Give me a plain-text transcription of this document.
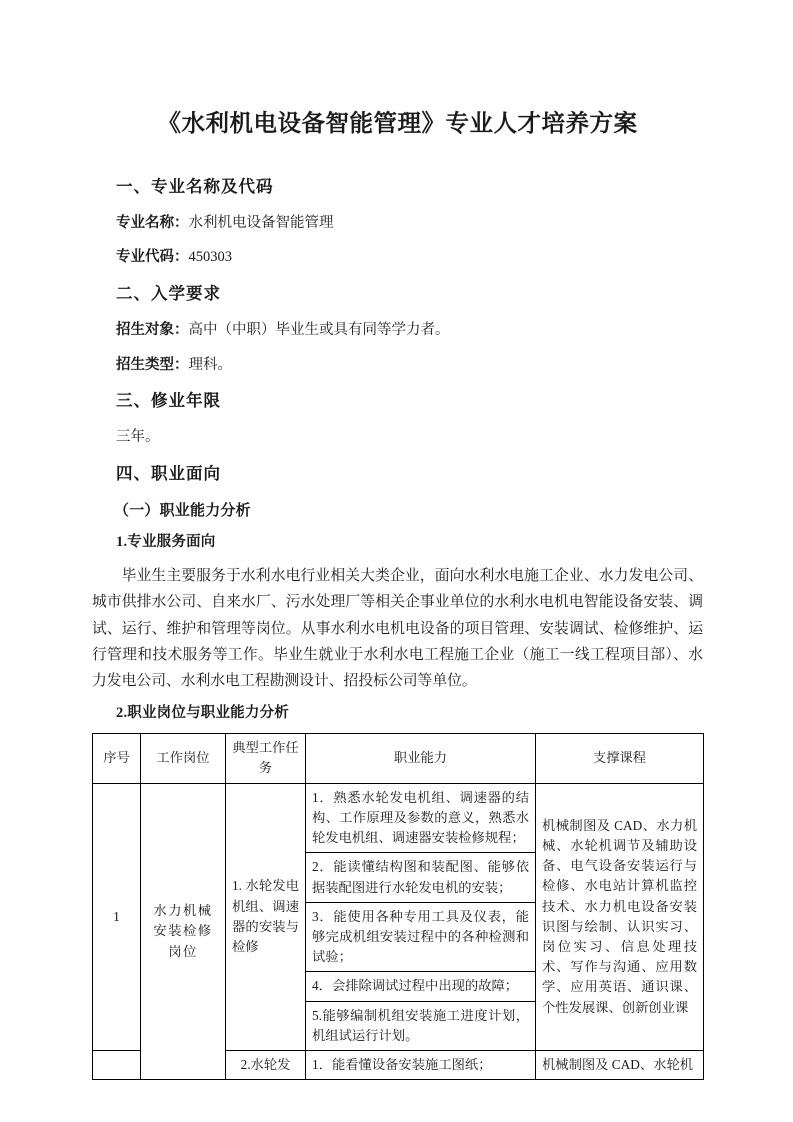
《水利机电设备智能管理》专业人才培养方案
一、专业名称及代码
专业名称：水利机电设备智能管理
专业代码：450303
二、入学要求
招生对象：高中（中职）毕业生或具有同等学力者。
招生类型：理科。
三、修业年限
三年。
四、职业面向
（一）职业能力分析
1.专业服务面向

毕业生主要服务于水利水电行业相关大类企业，面向水利水电施工企业、水力发电公司、城市供排水公司、自来水厂、污水处理厂等相关企事业单位的水利水电机电智能设备安装、调试、运行、维护和管理等岗位。从事水利水电机电设备的项目管理、安装调试、检修维护、运行管理和技术服务等工作。毕业生就业于水利水电工程施工企业（施工一线工程项目部）、水力发电公司、水利水电工程勘测设计、招投标公司等单位。

2.职业岗位与职业能力分析
序号	工作岗位	典型工作任务	职业能力	支撑课程
1	水力机械安装检修岗位	1. 水轮发电机组、调速器的安装与检修	1．熟悉水轮发电机组、调速器的结构、工作原理及参数的意义，熟悉水轮发电机组、调速器安装检修规程；	机械制图及 CAD、水力机械、水轮机调节及辅助设备、电气设备安装运行与检修、水电站计算机监控技术、水力机电设备安装识图与绘制、认识实习、岗位实习、信息处理技术、写作与沟通、应用数学、应用英语、通识课、个性发展课、创新创业课
			2．能读懂结构图和装配图、能够依据装配图进行水轮发电机的安装；	
			3．能使用各种专用工具及仪表，能够完成机组安装过程中的各种检测和试验；	
			4．会排除调试过程中出现的故障；	
			5.能够编制机组安装施工进度计划，机组试运行计划。	
		2.水轮发	1．能看懂设备安装施工图纸；	机械制图及 CAD、水轮机
